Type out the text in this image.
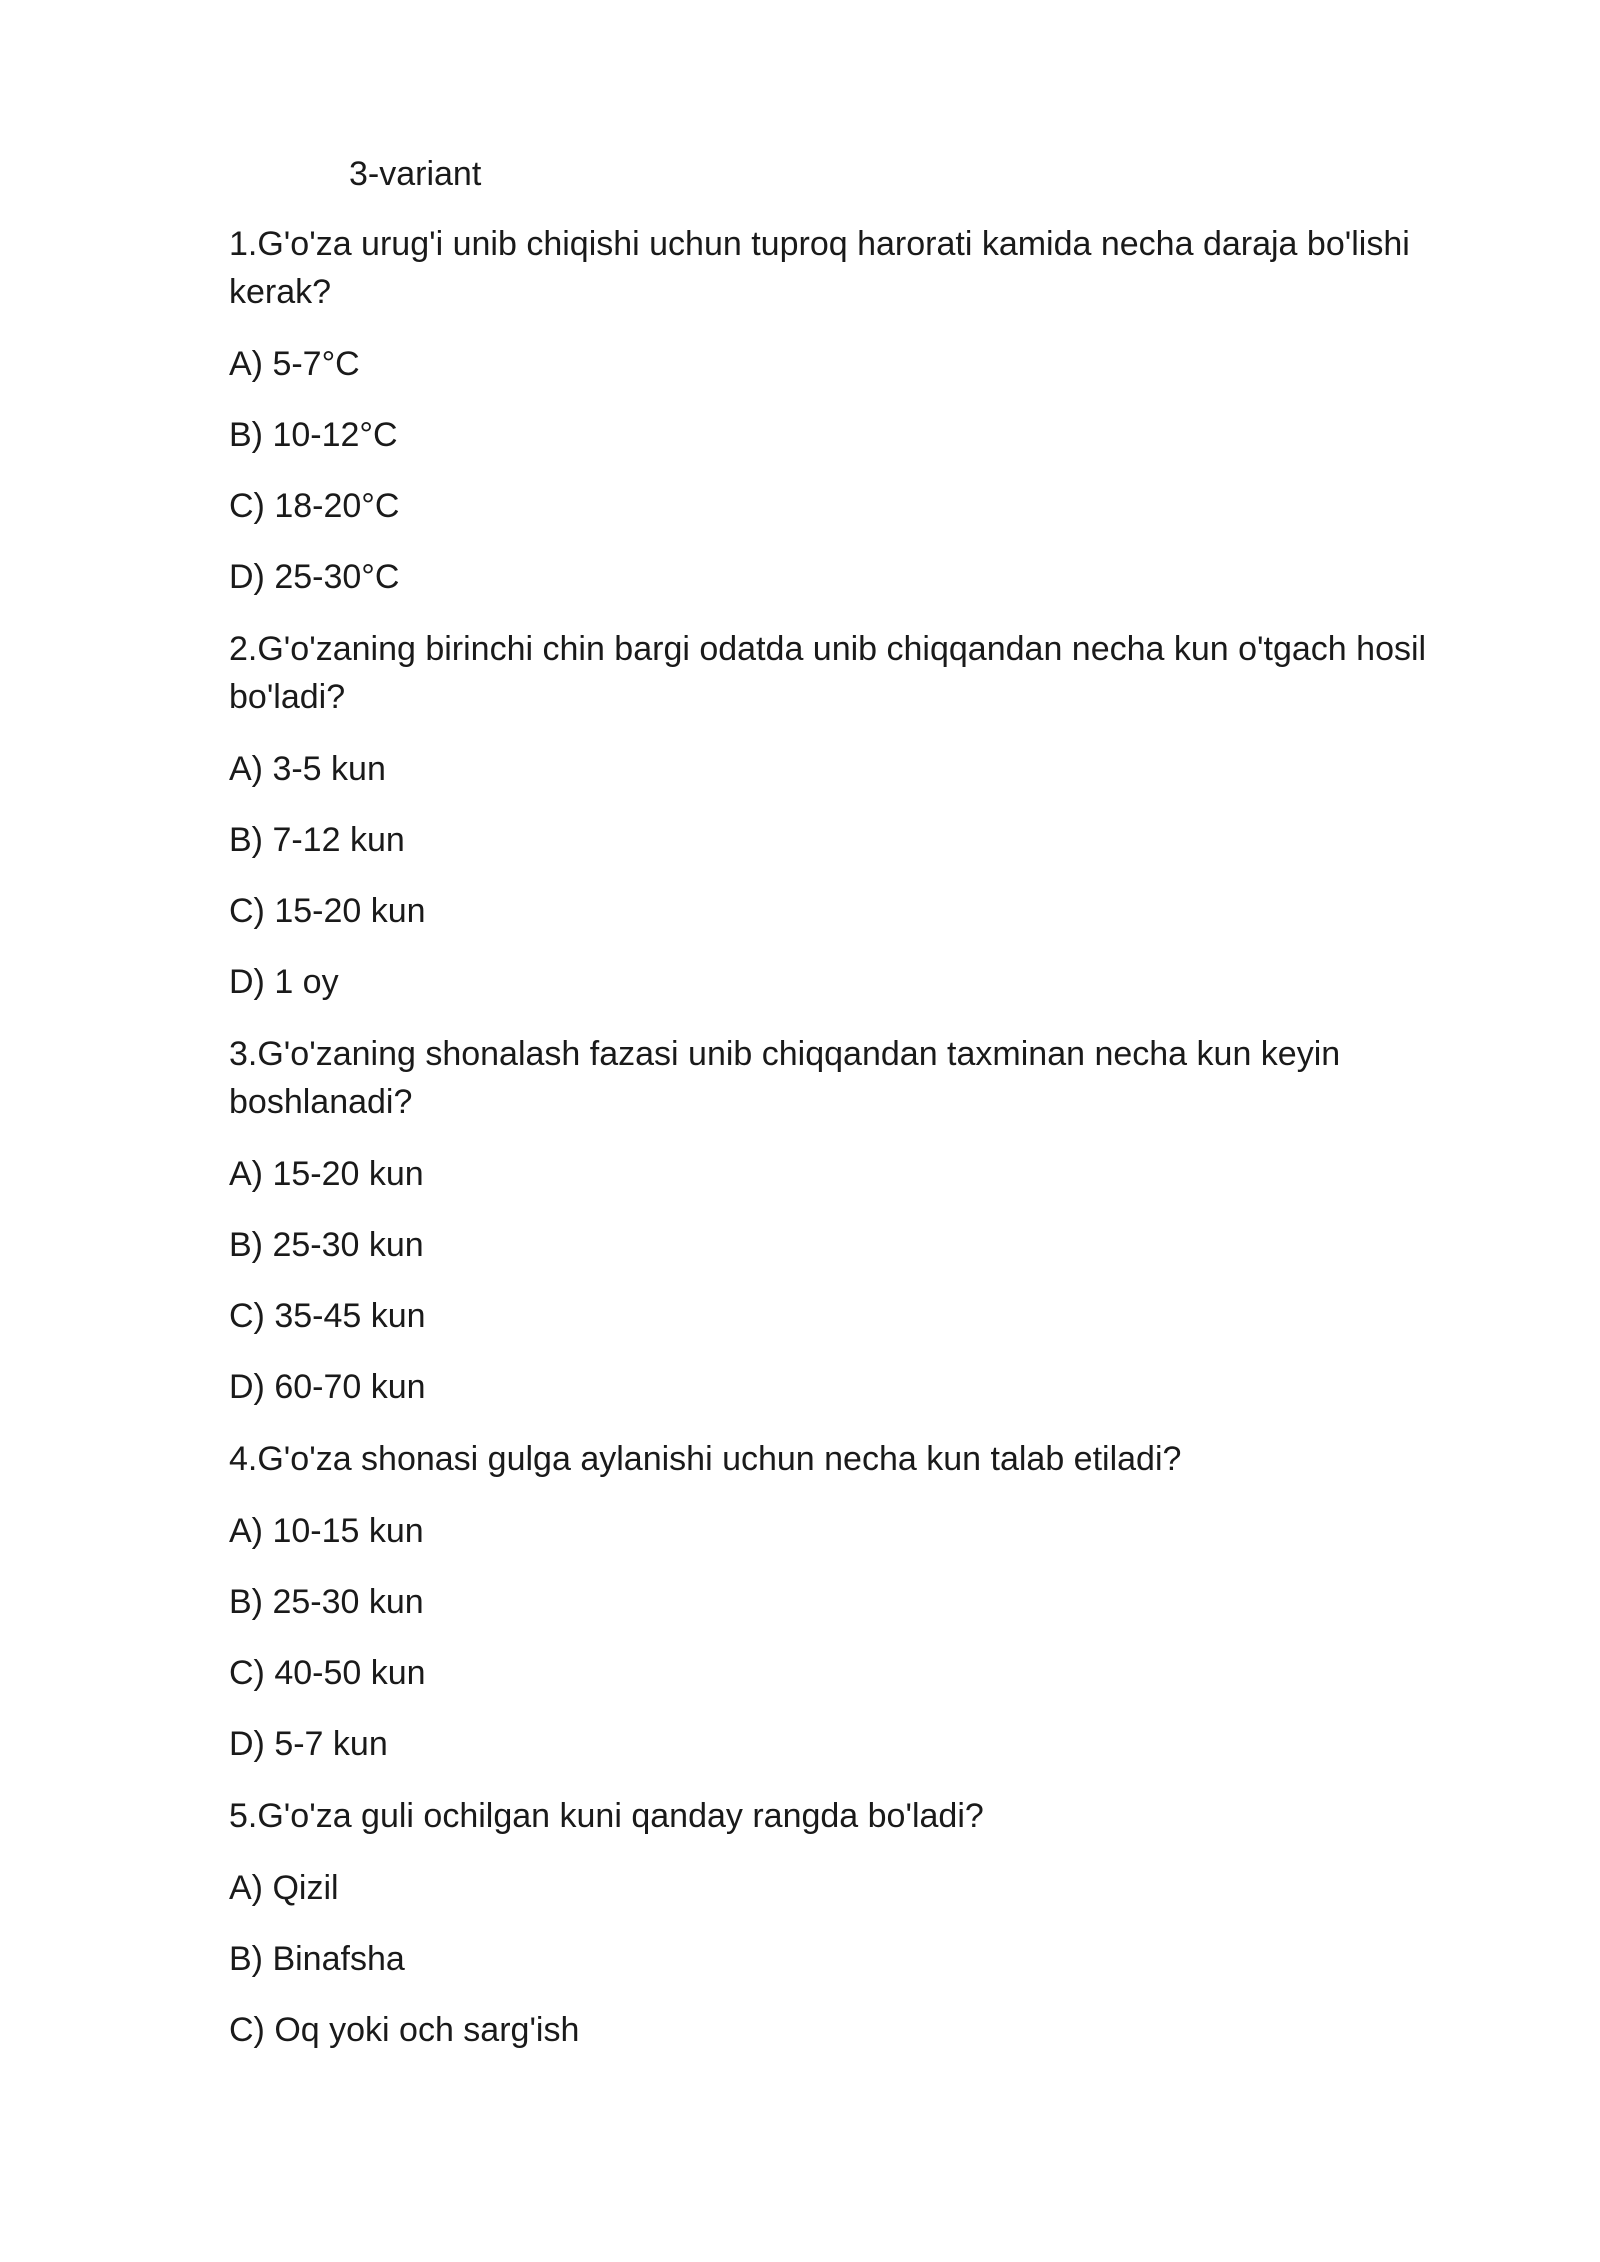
3-variant
1.G'o'za urug'i unib chiqishi uchun tuproq harorati kamida necha daraja bo'lishi kerak?
A) 5-7°C
B) 10-12°C
C) 18-20°C
D) 25-30°C
2.G'o'zaning birinchi chin bargi odatda unib chiqqandan necha kun o'tgach hosil bo'ladi?
A) 3-5 kun
B) 7-12 kun
C) 15-20 kun
D) 1 oy
3.G'o'zaning shonalash fazasi unib chiqqandan taxminan necha kun keyin boshlanadi?
A) 15-20 kun
B) 25-30 kun
C) 35-45 kun
D) 60-70 kun
4.G'o'za shonasi gulga aylanishi uchun necha kun talab etiladi?
A) 10-15 kun
B) 25-30 kun
C) 40-50 kun
D) 5-7 kun
5.G'o'za guli ochilgan kuni qanday rangda bo'ladi?
A) Qizil
B) Binafsha
C) Oq yoki och sarg'ish
